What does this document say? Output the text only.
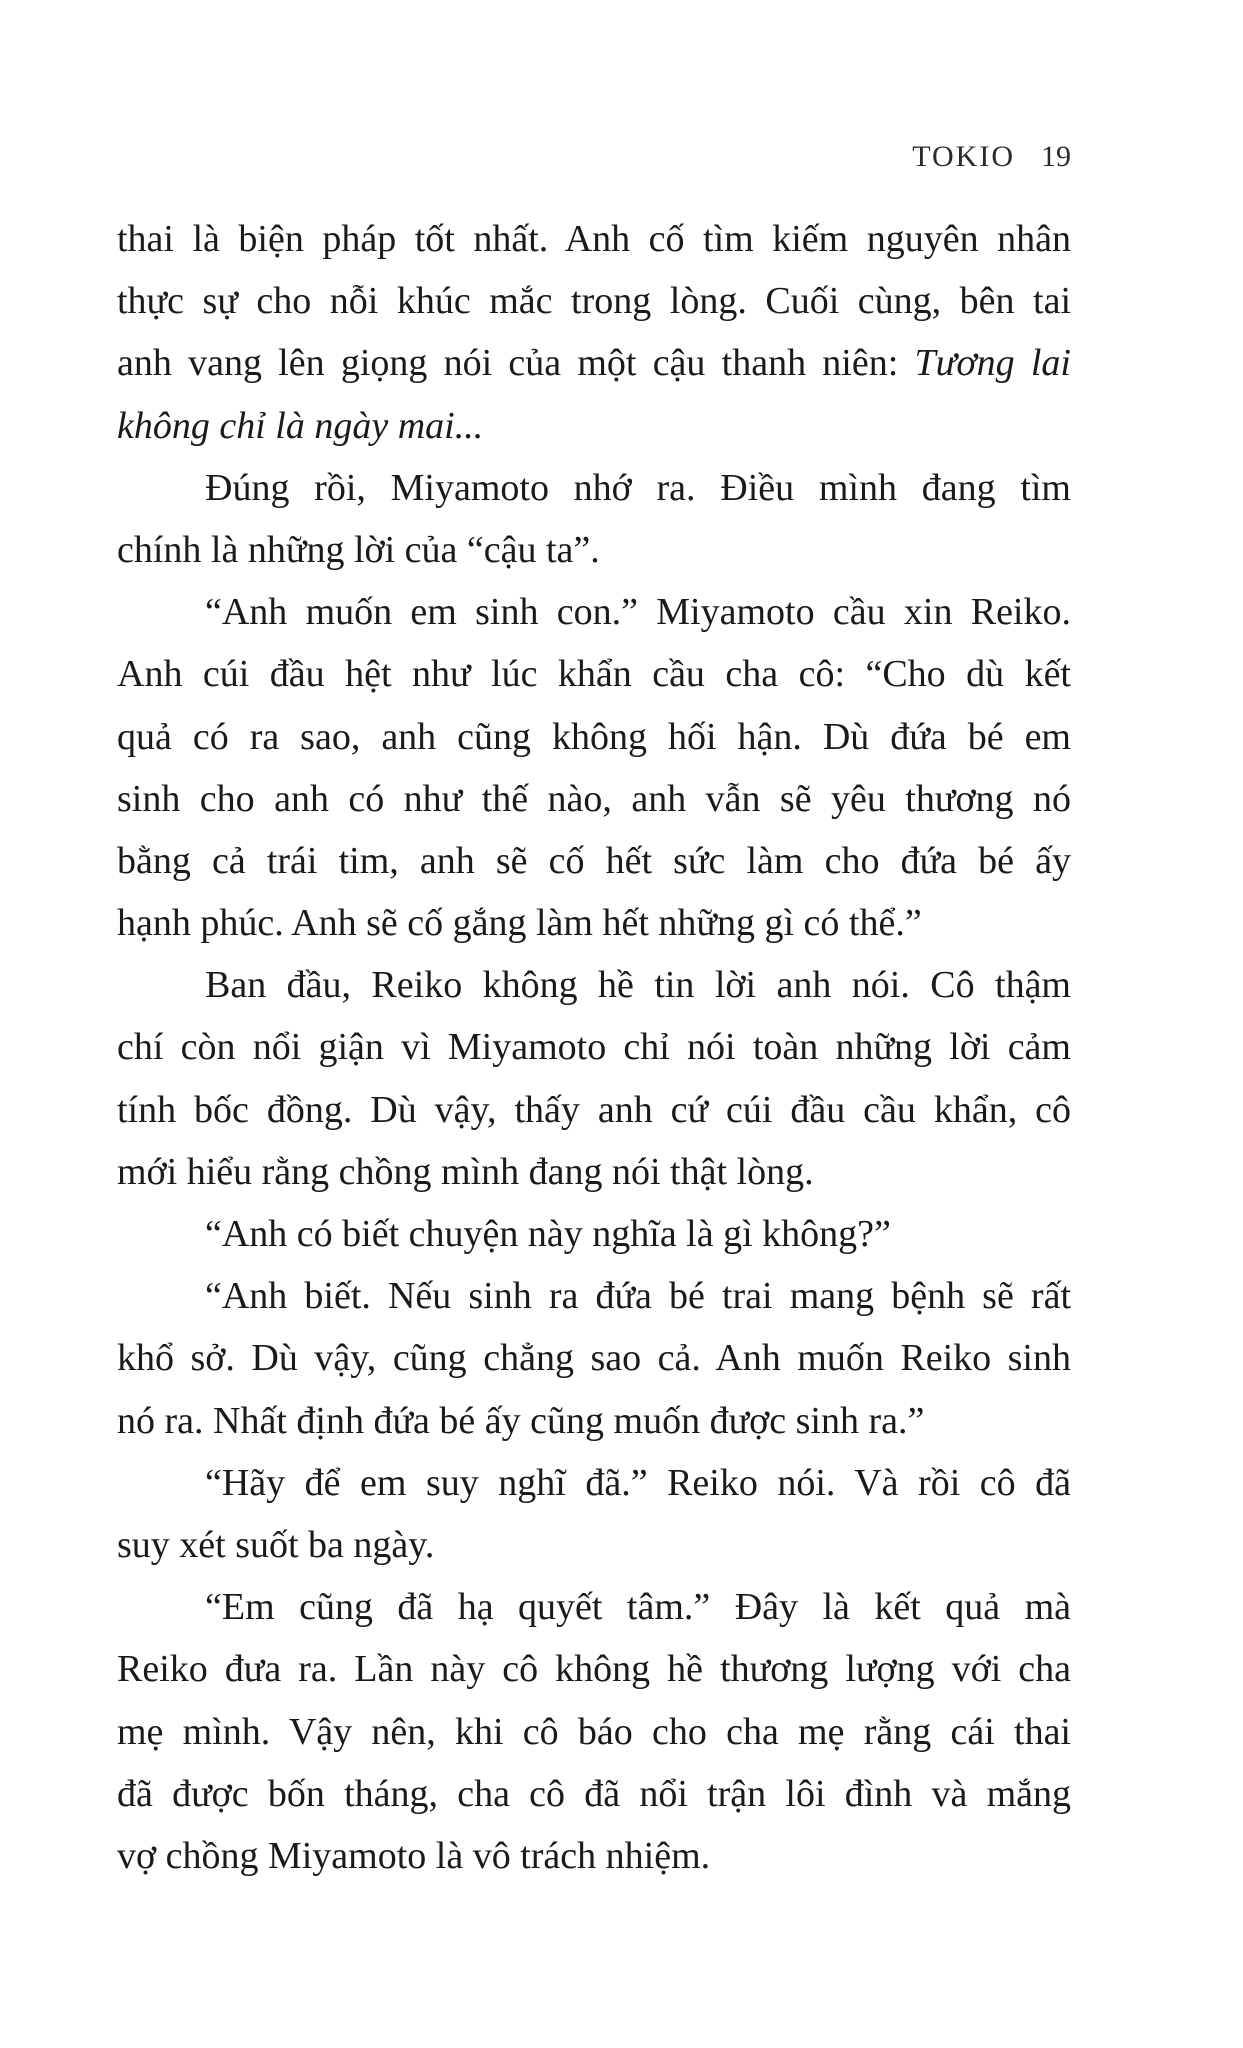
TOKIO 19
thai là biện pháp tốt nhất. Anh cố tìm kiếm nguyên nhân
thực sự cho nỗi khúc mắc trong lòng. Cuối cùng, bên tai
anh vang lên giọng nói của một cậu thanh niên: Tương lai
không chỉ là ngày mai...
Đúng rồi, Miyamoto nhớ ra. Điều mình đang tìm
chính là những lời của “cậu ta”.
“Anh muốn em sinh con.” Miyamoto cầu xin Reiko.
Anh cúi đầu hệt như lúc khẩn cầu cha cô: “Cho dù kết
quả có ra sao, anh cũng không hối hận. Dù đứa bé em
sinh cho anh có như thế nào, anh vẫn sẽ yêu thương nó
bằng cả trái tim, anh sẽ cố hết sức làm cho đứa bé ấy
hạnh phúc. Anh sẽ cố gắng làm hết những gì có thể.”
Ban đầu, Reiko không hề tin lời anh nói. Cô thậm
chí còn nổi giận vì Miyamoto chỉ nói toàn những lời cảm
tính bốc đồng. Dù vậy, thấy anh cứ cúi đầu cầu khẩn, cô
mới hiểu rằng chồng mình đang nói thật lòng.
“Anh có biết chuyện này nghĩa là gì không?”
“Anh biết. Nếu sinh ra đứa bé trai mang bệnh sẽ rất
khổ sở. Dù vậy, cũng chẳng sao cả. Anh muốn Reiko sinh
nó ra. Nhất định đứa bé ấy cũng muốn được sinh ra.”
“Hãy để em suy nghĩ đã.” Reiko nói. Và rồi cô đã
suy xét suốt ba ngày.
“Em cũng đã hạ quyết tâm.” Đây là kết quả mà
Reiko đưa ra. Lần này cô không hề thương lượng với cha
mẹ mình. Vậy nên, khi cô báo cho cha mẹ rằng cái thai
đã được bốn tháng, cha cô đã nổi trận lôi đình và mắng
vợ chồng Miyamoto là vô trách nhiệm.
